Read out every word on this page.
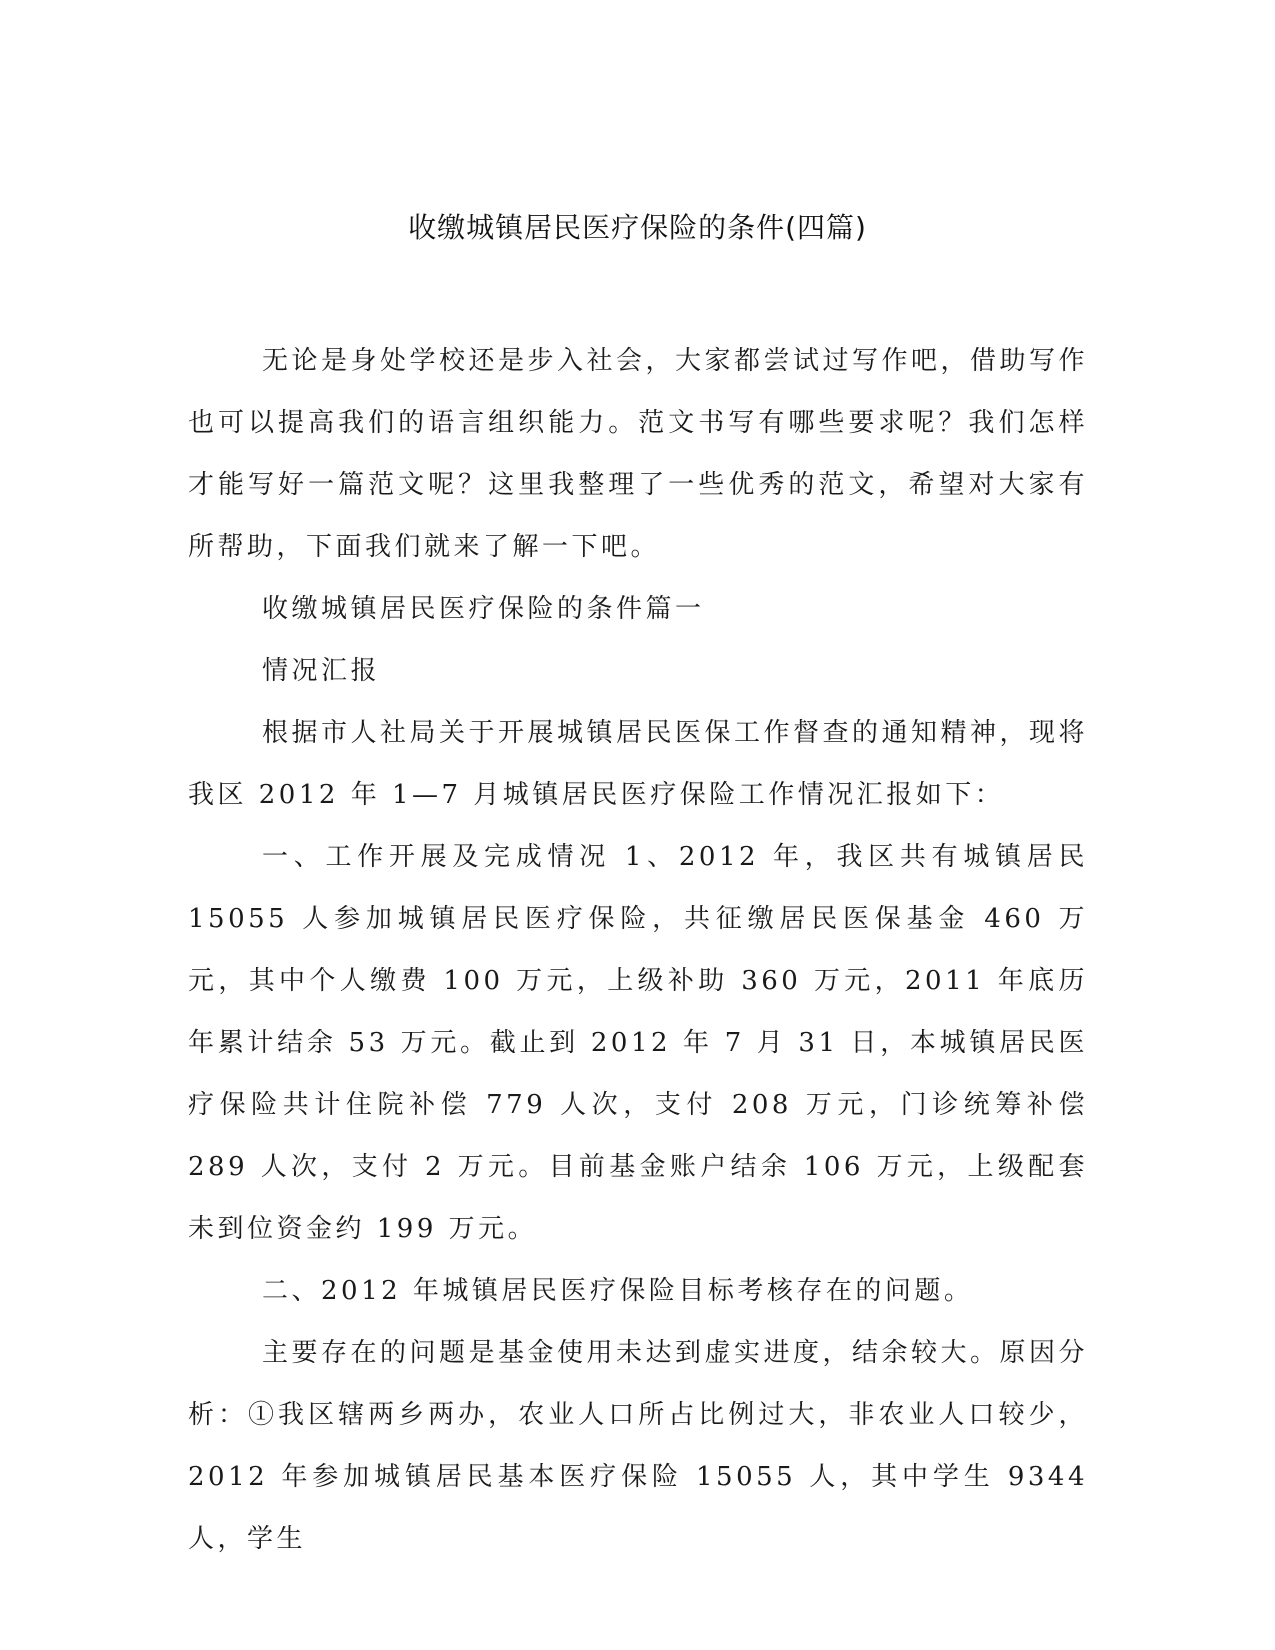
收缴城镇居民医疗保险的条件(四篇)

无论是身处学校还是步入社会，大家都尝试过写作吧，借助写作也可以提高我们的语言组织能力。范文书写有哪些要求呢？我们怎样才能写好一篇范文呢？这里我整理了一些优秀的范文，希望对大家有所帮助，下面我们就来了解一下吧。

收缴城镇居民医疗保险的条件篇一

情况汇报

根据市人社局关于开展城镇居民医保工作督查的通知精神，现将我区 2012 年 1—7 月城镇居民医疗保险工作情况汇报如下：

一、工作开展及完成情况 1、2012 年，我区共有城镇居民 15055 人参加城镇居民医疗保险，共征缴居民医保基金 460 万元，其中个人缴费 100 万元，上级补助 360 万元，2011 年底历年累计结余 53 万元。截止到 2012 年 7 月 31 日，本城镇居民医疗保险共计住院补偿 779 人次，支付 208 万元，门诊统筹补偿 289 人次，支付 2 万元。目前基金账户结余 106 万元，上级配套未到位资金约 199 万元。

二、2012 年城镇居民医疗保险目标考核存在的问题。

主要存在的问题是基金使用未达到虚实进度，结余较大。原因分析：①我区辖两乡两办，农业人口所占比例过大，非农业人口较少，2012 年参加城镇居民基本医疗保险 15055 人，其中学生 9344 人，学生
